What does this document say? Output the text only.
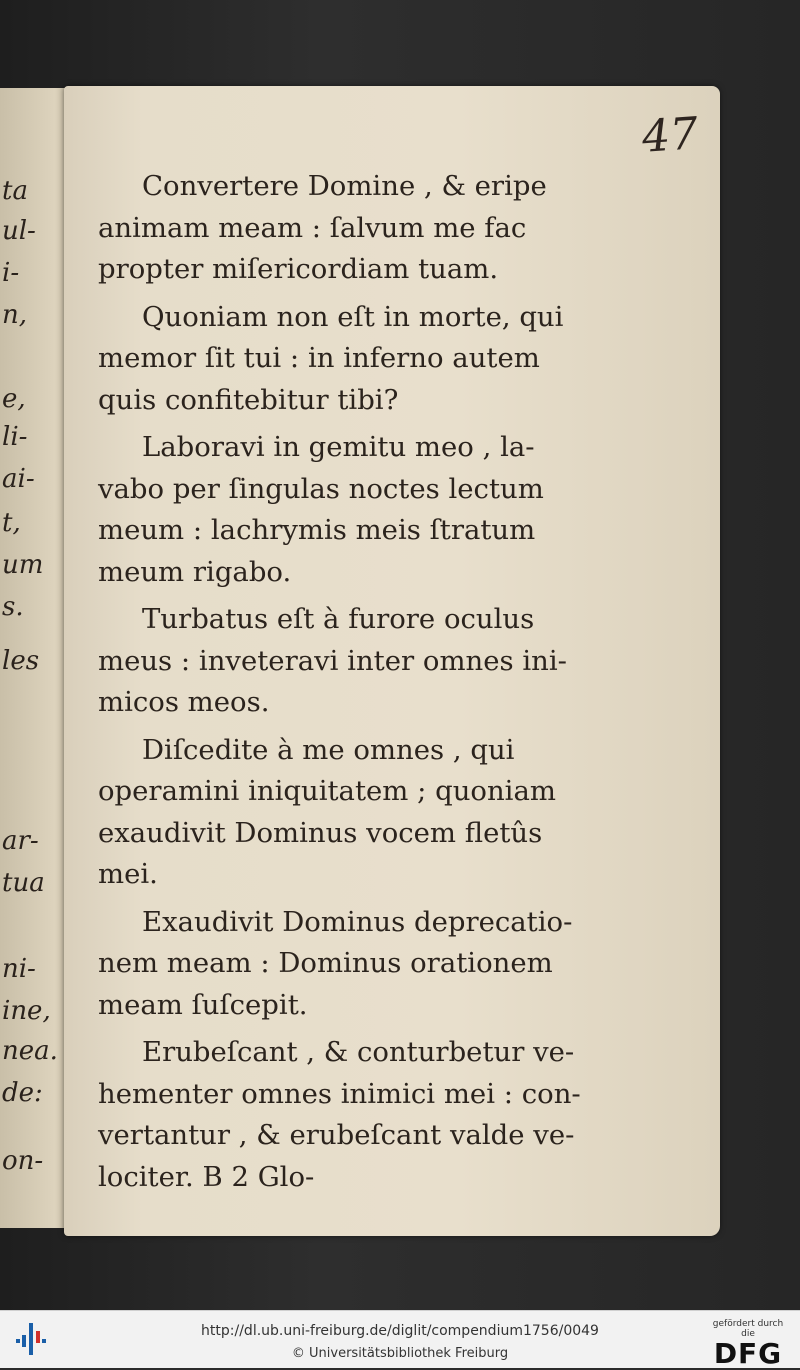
ta
ul-
i-
n,
e,
li-
ai-
t,
um
s.
les
ar-
tua
ni-
ine,
nea.
de:
on-
47

Convertere Domine , & eripe
animam meam : ſalvum me fac
propter miſericordiam tuam.

Quoniam non eſt in morte, qui
memor ſit tui : in inferno autem
quis confitebitur tibi?

Laboravi in gemitu meo , la-
vabo per ſingulas noctes lectum
meum : lachrymis meis ſtratum
meum rigabo.

Turbatus eſt à furore oculus
meus : inveteravi inter omnes ini-
micos meos.

Diſcedite à me omnes , qui
operamini iniquitatem ; quoniam
exaudivit Dominus vocem fletûs
mei.

Exaudivit Dominus deprecatio-
nem meam : Dominus orationem
meam ſuſcepit.

Erubeſcant , & conturbetur ve-
hementer omnes inimici mei : con-
vertantur , & erubeſcant valde ve-
lociter. B 2 Glo-

http://dl.ub.uni-freiburg.de/diglit/compendium1756/0049
© Universitätsbibliothek Freiburg
gefördert durch die
DFG
